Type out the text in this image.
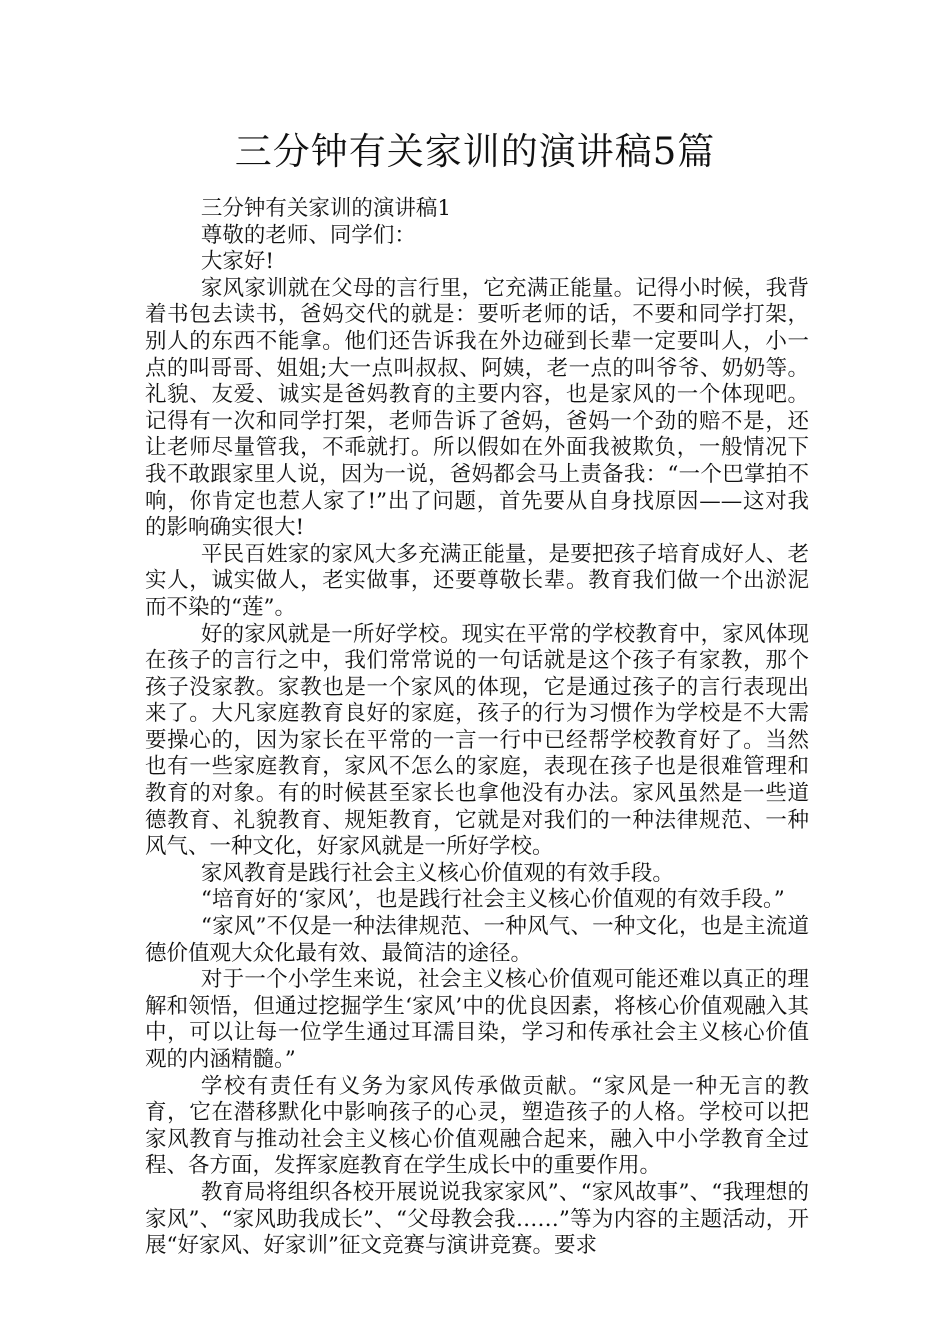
三分钟有关家训的演讲稿5篇

三分钟有关家训的演讲稿1

尊敬的老师、同学们：

大家好!

家风家训就在父母的言行里，它充满正能量。记得小时候，我背着书包去读书，爸妈交代的就是：要听老师的话，不要和同学打架，别人的东西不能拿。他们还告诉我在外边碰到长辈一定要叫人，小一点的叫哥哥、姐姐;大一点叫叔叔、阿姨，老一点的叫爷爷、奶奶等。礼貌、友爱、诚实是爸妈教育的主要内容，也是家风的一个体现吧。记得有一次和同学打架，老师告诉了爸妈，爸妈一个劲的赔不是，还让老师尽量管我，不乖就打。所以假如在外面我被欺负，一般情况下我不敢跟家里人说，因为一说，爸妈都会马上责备我：“一个巴掌拍不响，你肯定也惹人家了!”出了问题，首先要从自身找原因——这对我的影响确实很大!

平民百姓家的家风大多充满正能量，是要把孩子培育成好人、老实人，诚实做人，老实做事，还要尊敬长辈。教育我们做一个出淤泥而不染的“莲”。

好的家风就是一所好学校。现实在平常的学校教育中，家风体现在孩子的言行之中，我们常常说的一句话就是这个孩子有家教，那个孩子没家教。家教也是一个家风的体现，它是通过孩子的言行表现出来了。大凡家庭教育良好的家庭，孩子的行为习惯作为学校是不大需要操心的，因为家长在平常的一言一行中已经帮学校教育好了。当然也有一些家庭教育，家风不怎么的家庭，表现在孩子也是很难管理和教育的对象。有的时候甚至家长也拿他没有办法。家风虽然是一些道德教育、礼貌教育、规矩教育，它就是对我们的一种法律规范、一种风气、一种文化，好家风就是一所好学校。

家风教育是践行社会主义核心价值观的有效手段。

“培育好的‘家风’，也是践行社会主义核心价值观的有效手段。”

“家风”不仅是一种法律规范、一种风气、一种文化，也是主流道德价值观大众化最有效、最简洁的途径。

对于一个小学生来说，社会主义核心价值观可能还难以真正的理解和领悟，但通过挖掘学生‘家风’中的优良因素，将核心价值观融入其中，可以让每一位学生通过耳濡目染，学习和传承社会主义核心价值观的内涵精髓。”

学校有责任有义务为家风传承做贡献。“家风是一种无言的教育，它在潜移默化中影响孩子的心灵，塑造孩子的人格。学校可以把家风教育与推动社会主义核心价值观融合起来，融入中小学教育全过程、各方面，发挥家庭教育在学生成长中的重要作用。

教育局将组织各校开展说说我家家风”、“家风故事”、“我理想的家风”、“家风助我成长”、“父母教会我……”等为内容的主题活动，开展“好家风、好家训”征文竞赛与演讲竞赛。要求
